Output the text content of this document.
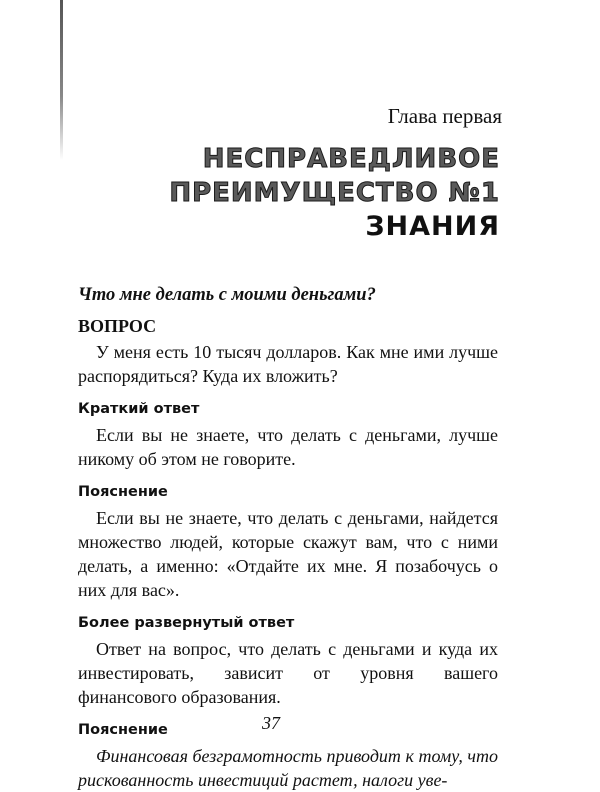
Глава первая
НЕСПРАВЕДЛИВОЕ
ПРЕИМУЩЕСТВО №1
ЗНАНИЯ
Что мне делать с моими деньгами?
ВОПРОС

У меня есть 10 тысяч долларов. Как мне ими лучше распорядиться? Куда их вложить?

Краткий ответ

Если вы не знаете, что делать с деньгами, лучше никому об этом не говорите.

Пояснение

Если вы не знаете, что делать с деньгами, найдется множество людей, которые скажут вам, что с ними делать, а именно: «Отдайте их мне. Я позабочусь о них для вас».

Более развернутый ответ

Ответ на вопрос, что делать с деньгами и куда их инвестировать, зависит от уровня вашего финансового образования.

Пояснение

Финансовая безграмотность приводит к тому, что рискованность инвестиций растет, налоги уве-

37
